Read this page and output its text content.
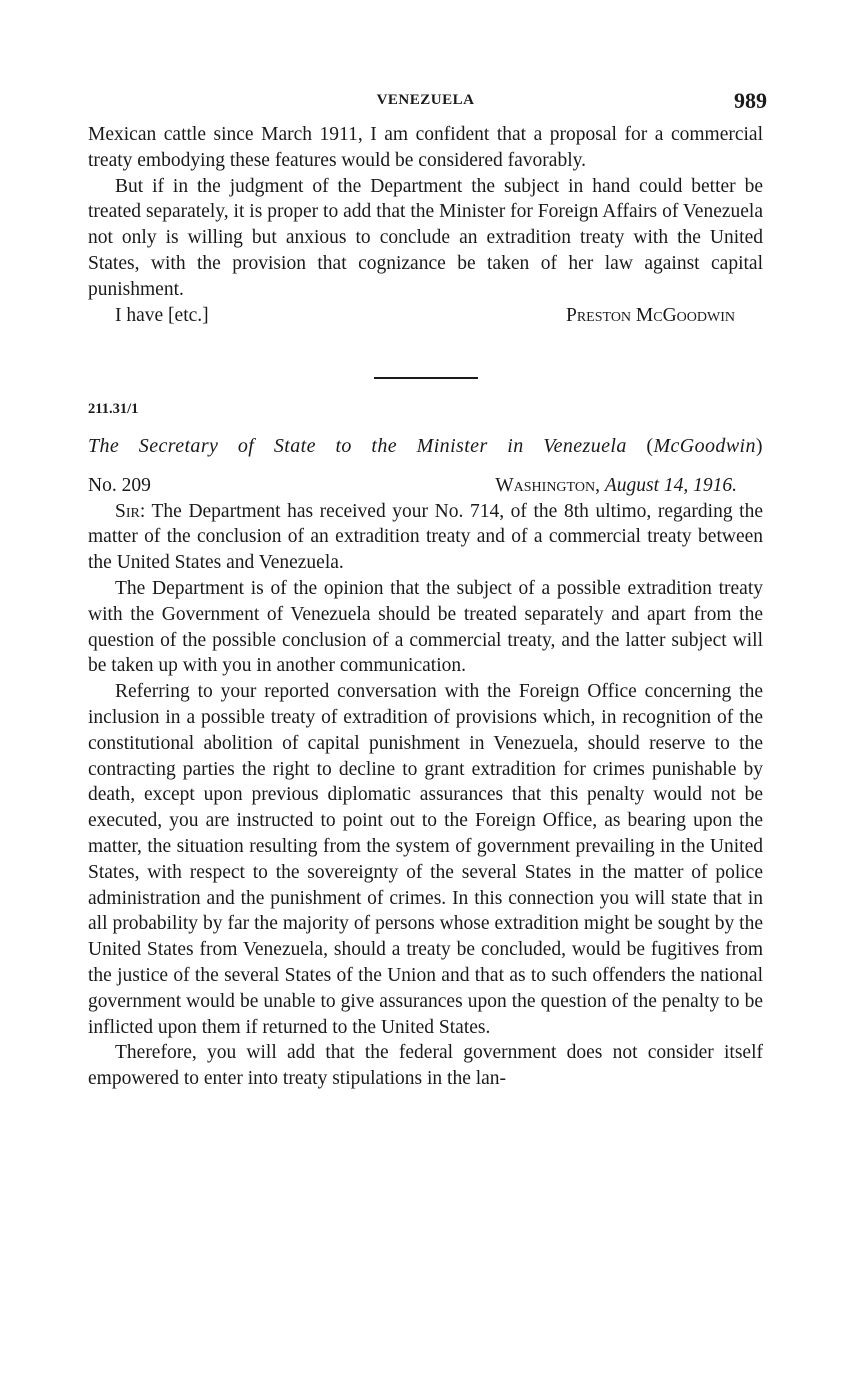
VENEZUELA	989

Mexican cattle since March 1911, I am confident that a proposal for a commercial treaty embodying these features would be considered favorably.

But if in the judgment of the Department the subject in hand could better be treated separately, it is proper to add that the Minister for Foreign Affairs of Venezuela not only is willing but anxious to conclude an extradition treaty with the United States, with the provision that cognizance be taken of her law against capital punishment.

I have [etc.]	Preston McGoodwin
211.31/1
The Secretary of State to the Minister in Venezuela (McGoodwin)
No. 209	Washington, August 14, 1916.

Sir: The Department has received your No. 714, of the 8th ultimo, regarding the matter of the conclusion of an extradition treaty and of a commercial treaty between the United States and Venezuela.

The Department is of the opinion that the subject of a possible extradition treaty with the Government of Venezuela should be treated separately and apart from the question of the possible conclusion of a commercial treaty, and the latter subject will be taken up with you in another communication.

Referring to your reported conversation with the Foreign Office concerning the inclusion in a possible treaty of extradition of provisions which, in recognition of the constitutional abolition of capital punishment in Venezuela, should reserve to the contracting parties the right to decline to grant extradition for crimes punishable by death, except upon previous diplomatic assurances that this penalty would not be executed, you are instructed to point out to the Foreign Office, as bearing upon the matter, the situation resulting from the system of government prevailing in the United States, with respect to the sovereignty of the several States in the matter of police administration and the punishment of crimes. In this connection you will state that in all probability by far the majority of persons whose extradition might be sought by the United States from Venezuela, should a treaty be concluded, would be fugitives from the justice of the several States of the Union and that as to such offenders the national government would be unable to give assurances upon the question of the penalty to be inflicted upon them if returned to the United States.

Therefore, you will add that the federal government does not consider itself empowered to enter into treaty stipulations in the lan-
